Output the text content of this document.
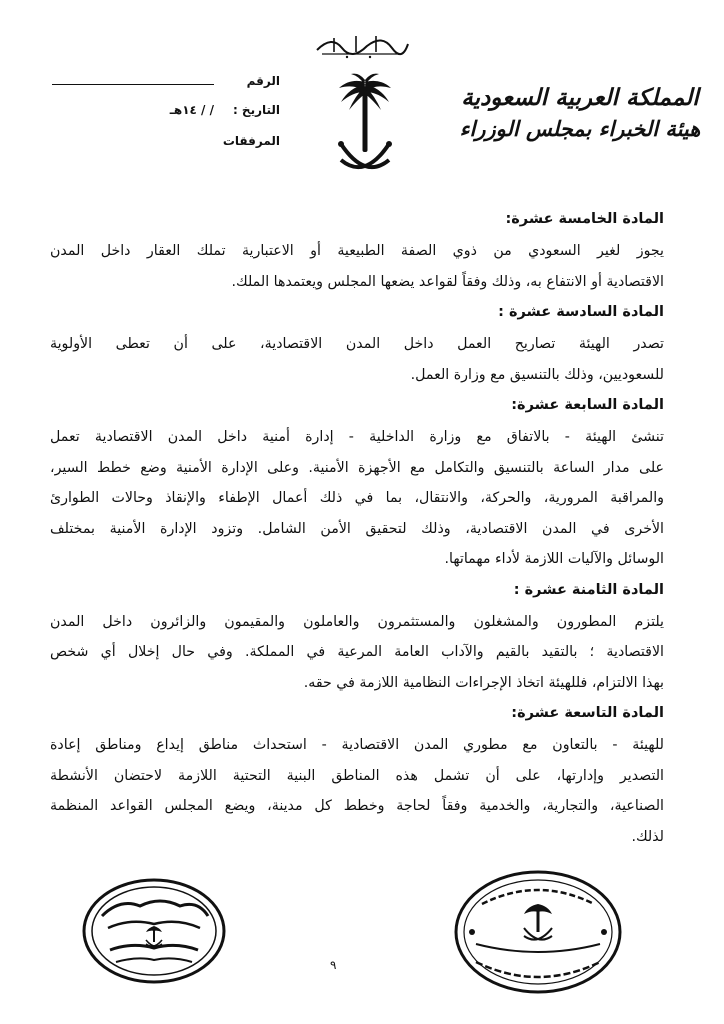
المملكة العربية السعودية
هيئة الخبراء بمجلس الوزراء
الرقم
التاريخ :
/ / ١٤هـ
المرفقات
المادة الخامسة عشرة:
يجوز لغير السعودي من ذوي الصفة الطبيعية أو الاعتبارية تملك العقار داخل المدن
الاقتصادية أو الانتفاع به، وذلك وفقاً لقواعد يضعها المجلس ويعتمدها الملك.
المادة السادسة عشرة :
تصدر الهيئة تصاريح العمل داخل المدن الاقتصادية، على أن تعطى الأولوية
للسعوديين، وذلك بالتنسيق مع وزارة العمل.
المادة السابعة عشرة:
تنشئ الهيئة - بالاتفاق مع وزارة الداخلية - إدارة أمنية داخل المدن الاقتصادية تعمل
على مدار الساعة بالتنسيق والتكامل مع الأجهزة الأمنية. وعلى الإدارة الأمنية وضع خطط السير،
والمراقبة المرورية، والحركة، والانتقال، بما في ذلك أعمال الإطفاء والإنقاذ وحالات الطوارئ
الأخرى في المدن الاقتصادية، وذلك لتحقيق الأمن الشامل. وتزود الإدارة الأمنية بمختلف
الوسائل والآليات اللازمة لأداء مهماتها.
المادة الثامنة عشرة :
يلتزم المطورون والمشغلون والمستثمرون والعاملون والمقيمون والزائرون داخل المدن
الاقتصادية ؛ بالتقيد بالقيم والآداب العامة المرعية في المملكة. وفي حال إخلال أي شخص
بهذا الالتزام، فللهيئة اتخاذ الإجراءات النظامية اللازمة في حقه.
المادة التاسعة عشرة:
للهيئة - بالتعاون مع مطوري المدن الاقتصادية - استحداث مناطق إيداع ومناطق إعادة
التصدير وإدارتها، على أن تشمل هذه المناطق البنية التحتية اللازمة لاحتضان الأنشطة
الصناعية، والتجارية، والخدمية وفقاً لحاجة وخطط كل مدينة، ويضع المجلس القواعد المنظمة
لذلك.
٩
